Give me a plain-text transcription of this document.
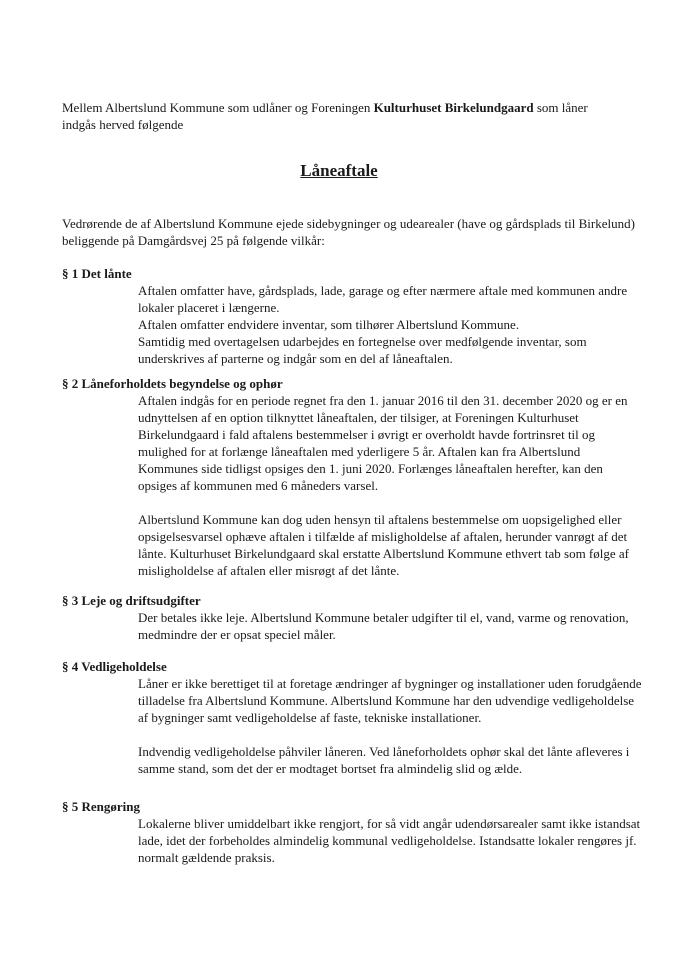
Mellem Albertslund Kommune som udlåner og Foreningen Kulturhuset Birkelundgaard som låner indgås herved følgende
Låneaftale
Vedrørende de af Albertslund Kommune ejede sidebygninger og udearealer (have og gårdsplads til Birkelund) beliggende på Damgårdsvej 25 på følgende vilkår:
§ 1 Det lånte

Aftalen omfatter have, gårdsplads, lade, garage og efter nærmere aftale med kommunen andre lokaler placeret i længerne.
Aftalen omfatter endvidere inventar, som tilhører Albertslund Kommune.
Samtidig med overtagelsen udarbejdes en fortegnelse over medfølgende inventar, som underskrives af parterne og indgår som en del af låneaftalen.

§ 2 Låneforholdets begyndelse og ophør

Aftalen indgås for en periode regnet fra den 1. januar 2016 til den 31. december 2020 og er en udnyttelsen af en option tilknyttet låneaftalen, der tilsiger, at Foreningen Kulturhuset Birkelundgaard i fald aftalens bestemmelser i øvrigt er overholdt havde fortrinsret til og mulighed for at forlænge låneaftalen med yderligere 5 år. Aftalen kan fra Albertslund Kommunes side tidligst opsiges den 1. juni 2020. Forlænges låneaftalen herefter, kan den opsiges af kommunen med 6 måneders varsel.

Albertslund Kommune kan dog uden hensyn til aftalens bestemmelse om uopsigelighed eller opsigelsesvarsel ophæve aftalen i tilfælde af misligholdelse af aftalen, herunder vanrøgt af det lånte. Kulturhuset Birkelundgaard skal erstatte Albertslund Kommune ethvert tab som følge af misligholdelse af aftalen eller misrøgt af det lånte.

§ 3 Leje og driftsudgifter

Der betales ikke leje. Albertslund Kommune betaler udgifter til el, vand, varme og renovation, medmindre der er opsat speciel måler.

§ 4 Vedligeholdelse

Låner er ikke berettiget til at foretage ændringer af bygninger og installationer uden forudgående tilladelse fra Albertslund Kommune. Albertslund Kommune har den udvendige vedligeholdelse af bygninger samt vedligeholdelse af faste, tekniske installationer.

Indvendig vedligeholdelse påhviler låneren. Ved låneforholdets ophør skal det lånte afleveres i samme stand, som det der er modtaget bortset fra almindelig slid og ælde.

§ 5 Rengøring

Lokalerne bliver umiddelbart ikke rengjort, for så vidt angår udendørsarealer samt ikke istandsat lade, idet der forbeholdes almindelig kommunal vedligeholdelse. Istandsatte lokaler rengøres jf. normalt gældende praksis.
